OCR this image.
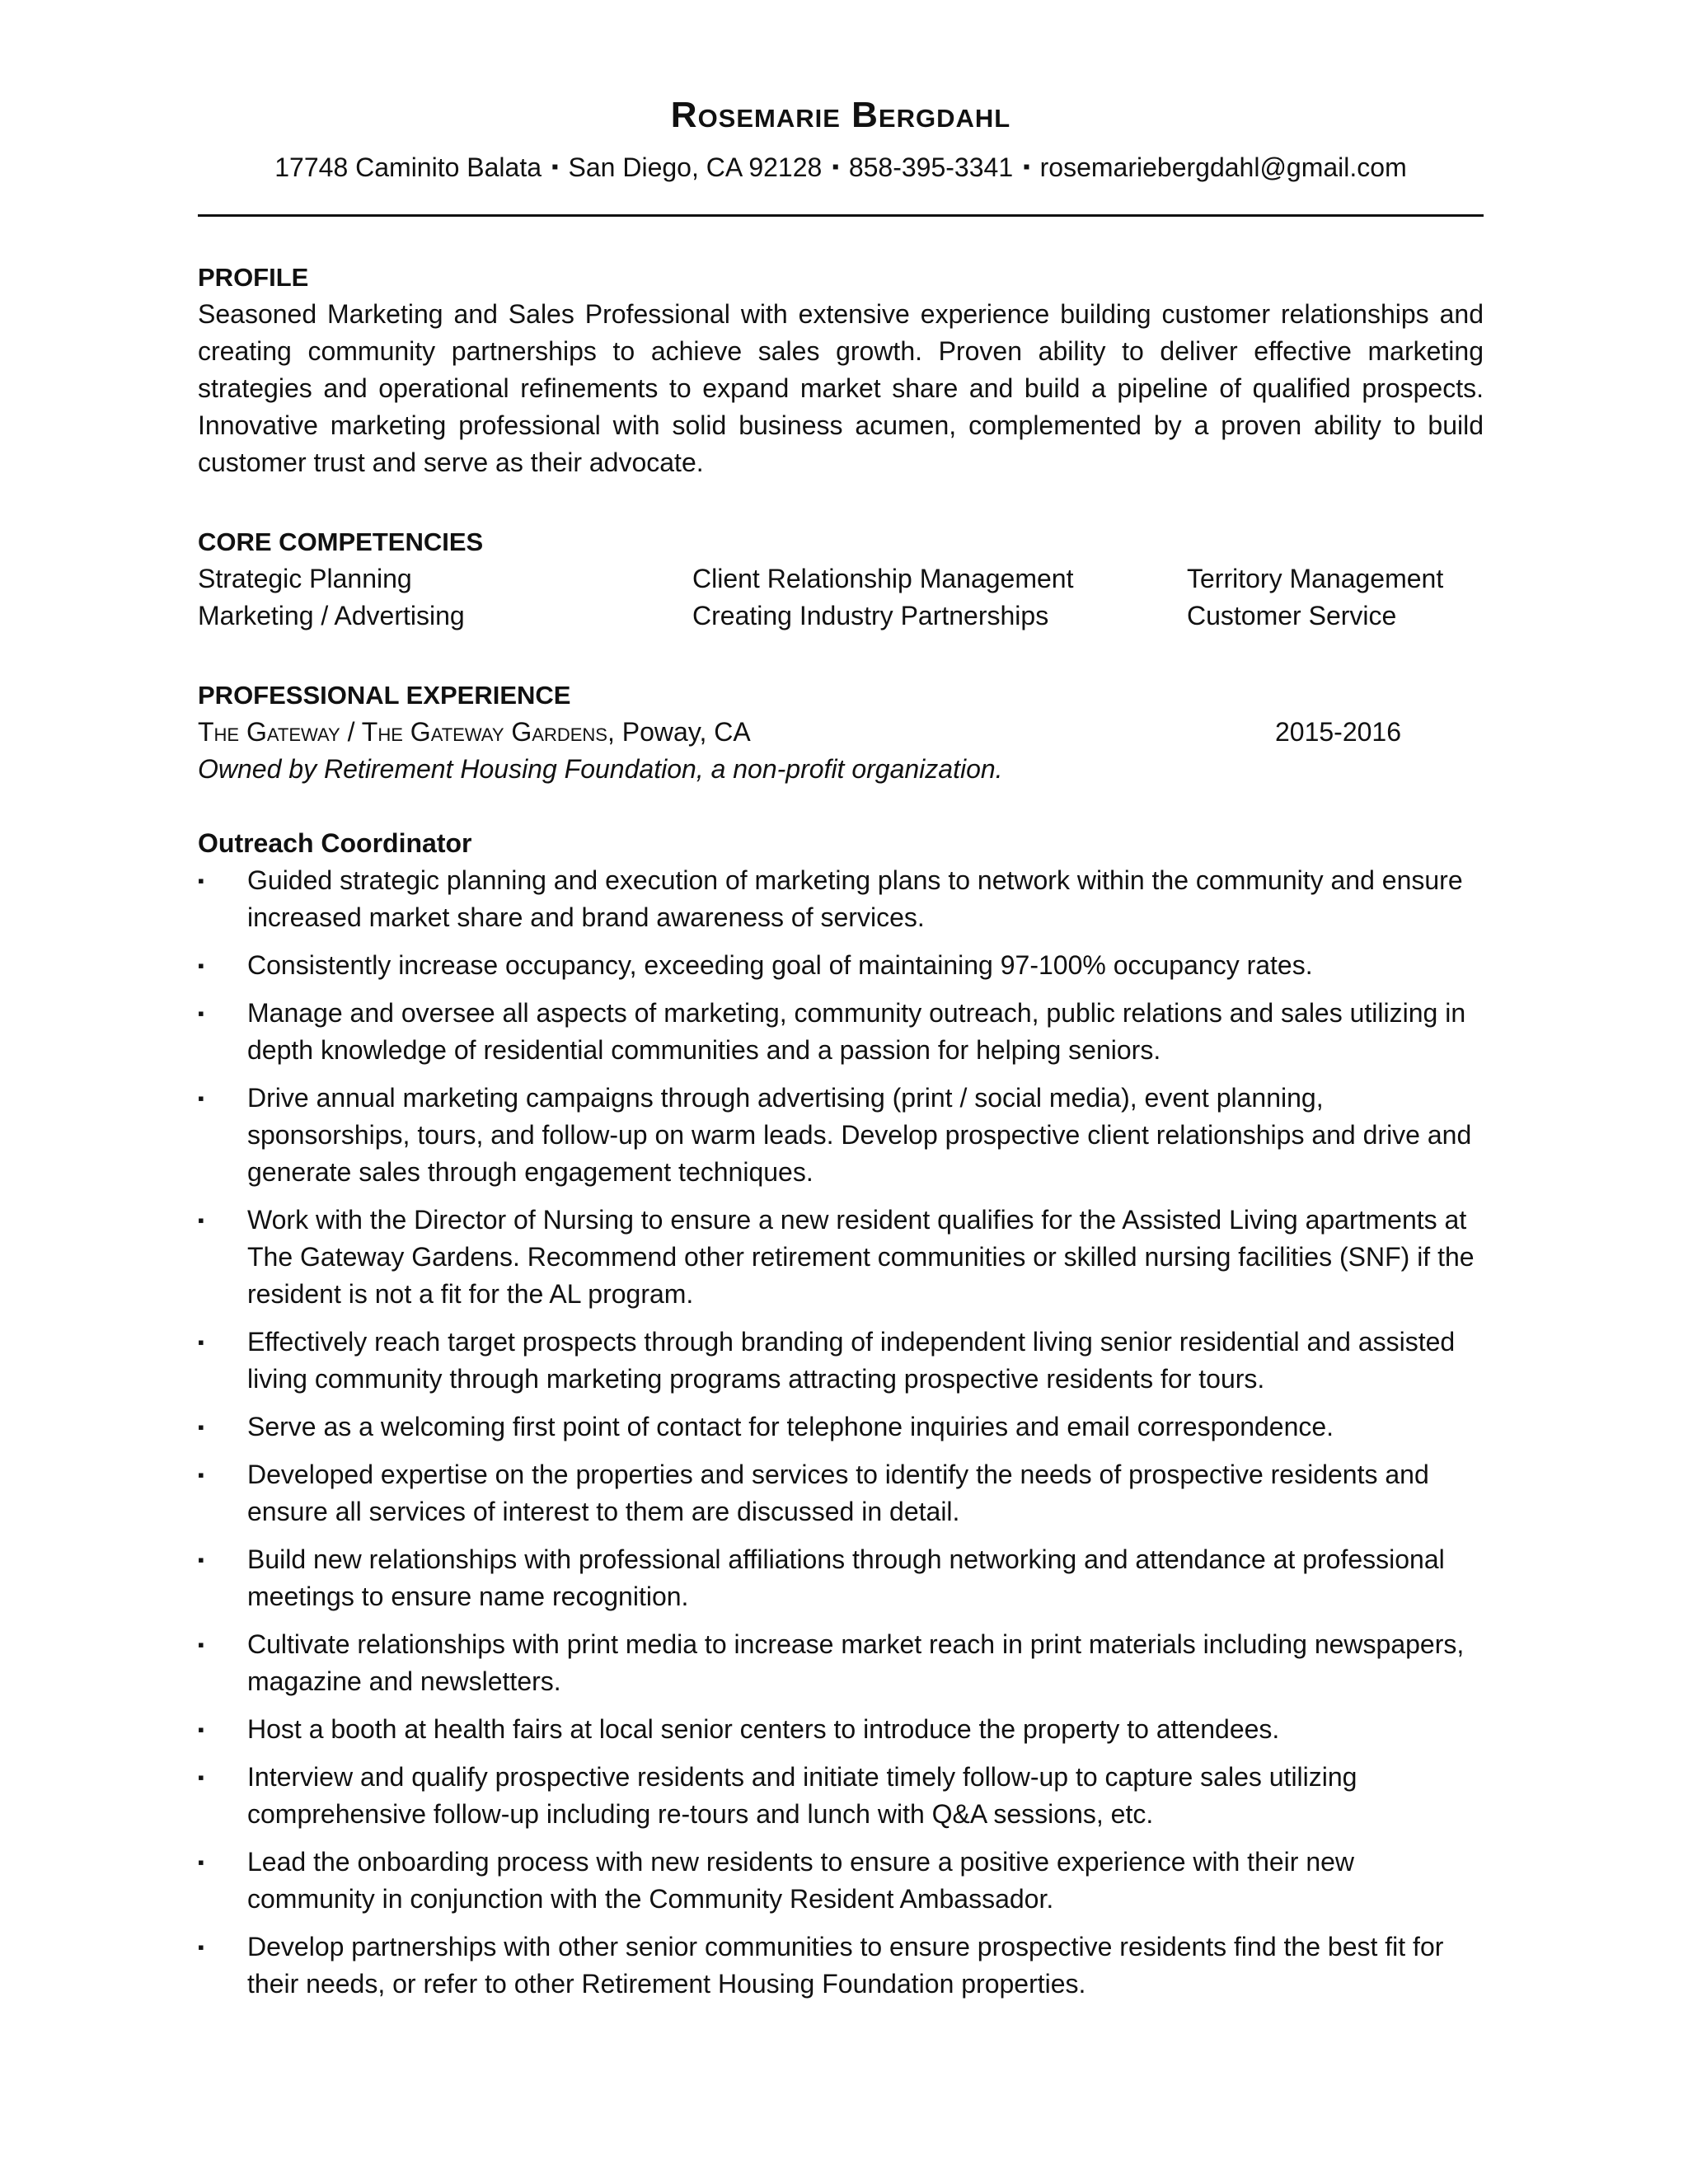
Rosemarie Bergdahl
17748 Caminito Balata ▪ San Diego, CA 92128 ▪ 858-395-3341 ▪ rosemariebergdahl@gmail.com
PROFILE

Seasoned Marketing and Sales Professional with extensive experience building customer relationships and creating community partnerships to achieve sales growth. Proven ability to deliver effective marketing strategies and operational refinements to expand market share and build a pipeline of qualified prospects. Innovative marketing professional with solid business acumen, complemented by a proven ability to build customer trust and serve as their advocate.

CORE COMPETENCIES
Strategic Planning	Client Relationship Management	Territory Management
Marketing / Advertising	Creating Industry Partnerships	Customer Service
PROFESSIONAL EXPERIENCE
The Gateway / The Gateway Gardens, Poway, CA	2015-2016
Owned by Retirement Housing Foundation, a non-profit organization.
Outreach Coordinator
▪ Guided strategic planning and execution of marketing plans to network within the community and ensure increased market share and brand awareness of services.
▪ Consistently increase occupancy, exceeding goal of maintaining 97-100% occupancy rates.
▪ Manage and oversee all aspects of marketing, community outreach, public relations and sales utilizing in depth knowledge of residential communities and a passion for helping seniors.
▪ Drive annual marketing campaigns through advertising (print / social media), event planning, sponsorships, tours, and follow-up on warm leads. Develop prospective client relationships and drive and generate sales through engagement techniques.
▪ Work with the Director of Nursing to ensure a new resident qualifies for the Assisted Living apartments at The Gateway Gardens. Recommend other retirement communities or skilled nursing facilities (SNF) if the resident is not a fit for the AL program.
▪ Effectively reach target prospects through branding of independent living senior residential and assisted living community through marketing programs attracting prospective residents for tours.
▪ Serve as a welcoming first point of contact for telephone inquiries and email correspondence.
▪ Developed expertise on the properties and services to identify the needs of prospective residents and ensure all services of interest to them are discussed in detail.
▪ Build new relationships with professional affiliations through networking and attendance at professional meetings to ensure name recognition.
▪ Cultivate relationships with print media to increase market reach in print materials including newspapers, magazine and newsletters.
▪ Host a booth at health fairs at local senior centers to introduce the property to attendees.
▪ Interview and qualify prospective residents and initiate timely follow-up to capture sales utilizing comprehensive follow-up including re-tours and lunch with Q&A sessions, etc.
▪ Lead the onboarding process with new residents to ensure a positive experience with their new community in conjunction with the Community Resident Ambassador.
▪ Develop partnerships with other senior communities to ensure prospective residents find the best fit for their needs, or refer to other Retirement Housing Foundation properties.
